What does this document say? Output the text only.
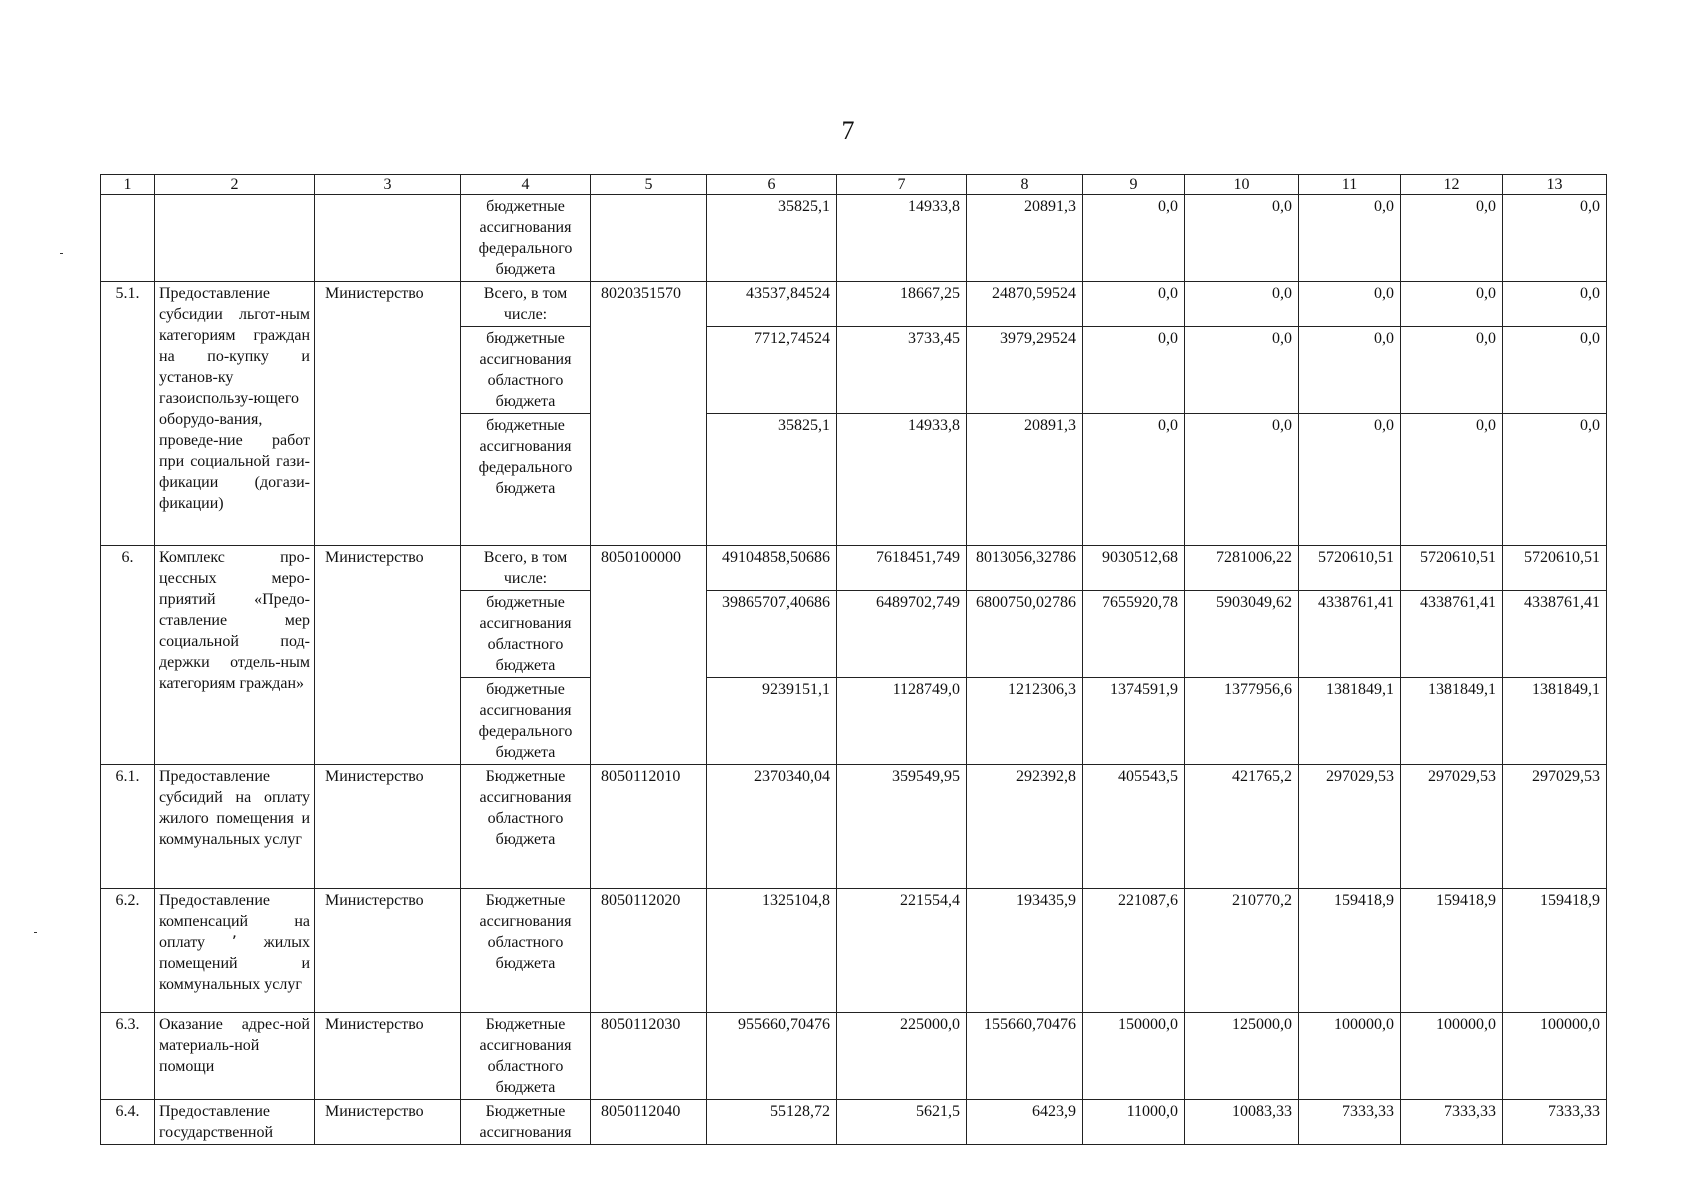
7
1	2	3	4	5	6	7	8	9	10	11	12	13
			бюджетные ассигнования федерального бюджета		35825,1	14933,8	20891,3	0,0	0,0	0,0	0,0	0,0
5.1.	Предоставление субсидии льгот-ным категориям граждан на по-купку и установ-ку газоиспользу-ющего оборудо-вания, проведе-ние работ при социальной гази-фикации (догази-фикации)	Министерство	Всего, в том числе:	8020351570	43537,84524	18667,25	24870,59524	0,0	0,0	0,0	0,0	0,0
			бюджетные ассигнования областного бюджета		7712,74524	3733,45	3979,29524	0,0	0,0	0,0	0,0	0,0
			бюджетные ассигнования федерального бюджета		35825,1	14933,8	20891,3	0,0	0,0	0,0	0,0	0,0
6.	Комплекс про-цессных меро-приятий «Предо-ставление мер социальной под-держки отдель-ным категориям граждан»	Министерство	Всего, в том числе:	8050100000	49104858,50686	7618451,749	8013056,32786	9030512,68	7281006,22	5720610,51	5720610,51	5720610,51
			бюджетные ассигнования областного бюджета		39865707,40686	6489702,749	6800750,02786	7655920,78	5903049,62	4338761,41	4338761,41	4338761,41
			бюджетные ассигнования федерального бюджета		9239151,1	1128749,0	1212306,3	1374591,9	1377956,6	1381849,1	1381849,1	1381849,1
6.1.	Предоставление субсидий на оплату жилого помещения и коммунальных услуг	Министерство	Бюджетные ассигнования областного бюджета	8050112010	2370340,04	359549,95	292392,8	405543,5	421765,2	297029,53	297029,53	297029,53
6.2.	Предоставление компенсаций на оплату ٬ жилых помещений и коммунальных услуг	Министерство	Бюджетные ассигнования областного бюджета	8050112020	1325104,8	221554,4	193435,9	221087,6	210770,2	159418,9	159418,9	159418,9
6.3.	Оказание адрес-ной материаль-ной помощи	Министерство	Бюджетные ассигнования областного бюджета	8050112030	955660,70476	225000,0	155660,70476	150000,0	125000,0	100000,0	100000,0	100000,0
6.4.	Предоставление государственной	Министерство	Бюджетные ассигнования	8050112040	55128,72	5621,5	6423,9	11000,0	10083,33	7333,33	7333,33	7333,33
